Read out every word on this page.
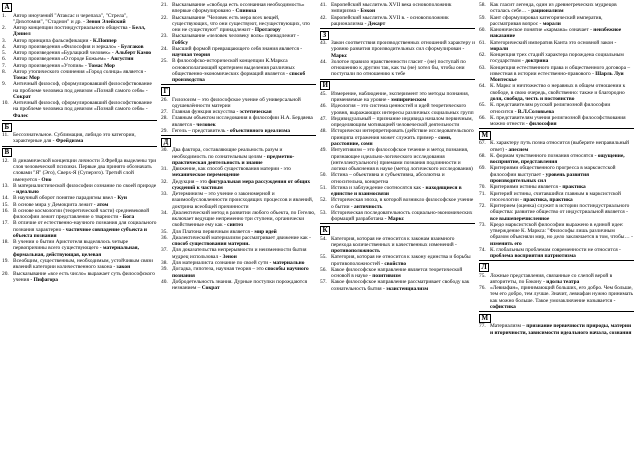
А
1.	Автор иноучений "Атаксас и черепаха", "Стрела", "Дихотомия", "Стадион" и др. - Зенон Элейский
2.	Автор концепции постиндустриального общества - Белл, Дэниел
3.	Автор принципа фальсификации - К.Поппер
4.	Автор произведения «Философия и зеркало» - Булгаков
5.	Автор произведения «Бурлацкий человек» - Альберт Камю
6.	Автор произведения «О городе Божьем» - Августин
7.	Автор произведения «Утопия» - Томас Мор
8.	Автор утопического сочинения «Город солнца» является - Томас Мор
9.	Античный философ, сформулировавший философствование на проблеме человека под девизом «Познай самого себя» - Сократ
10. Античный философ, сформулировавший философствование на проблеме человека под девизом «Познай самого себя» - Фалес
Б
11. Бессознательное. Сублимация, либидо это категории, характерные для - Фрейдизма
В
12. В динамической концепции личности З.Фрейда выделены три слоя человеческой психики. Первые два принято обозначать словами "Я" (Эго), Сверх-Я (Суперэго). Третий слой именуется - Оно
13. В материалистической философии сознание по своей природе - идеально
14. В научный оборот понятие парадигмы ввел - Кун
15. В основе мира у Демокрита лежит - атом
16. В основе космологии (теоретической части) средневековой философии лежит представление о тварности - Бога
17. В отличие от естественно-научного познания для социального познания характерно - частичное совпадение субъекта и объекта познания
18. В учении о бытии Аристотеля выделялось четыре первопричины всего существующего - материальная, формальная, действующая, целевая
19. Всеобщим, существенным, необходимым, устойчивым связи явлений категории количественного закона - закон
20. Высказывание «все есть число» выражает суть философского учения - Пифагора
21. Высказывание «свобода есть осознанная необходимость» впервые сформулировано - Спиноза
22. Высказывание "Человек есть мера всех вещей, существующих, что они существуют, несуществующих, что они не существуют" принадлежит - Протагору
23. Высказывание «человек человеку волк» принадлежит - Гоббсу
24. Высший формой превращающего себя знания является - научная теория
25. В философско-исторической концепции К.Маркса основополагающий критерием выделения различных общественно-экономических формаций является - способ производства
Г
26. Гилозоизм – это философское учение об универсальной одушевлённости материи
27. Главная функция искусства - эстетическая
28. Главным объектом исследования в философии Н.А. Бердяева является - человек
29. Гегель – представитель - объективного идеализма
Д
30. Два фактора, составляющие реальность разум и необходимость по сознательным целям - предметно-практическая деятельность и знание
31. Движение, как способ существования материи - это механическое перемещение
32. Дедукция – это фигуральная мера рассуждения от общих суждений к частным
33. Детерминизм – это учение о закономерной и взаимообусловленности происходящих процессов и явлений, доктрина всеобщей причинности
34. Диалектический метод в развитии любого объекта, по Гегелю, включает ведущие непременно три ступени, органически свойственные ему как - синтез
35. Для Платона первичным является - мир идей
36. Диалектический материализм рассматривает движение как - способ существования материи.
37. Для доказательства непрерывности и неизменности бытия мудрец использовал - Зенон
38. Для материалиста сознание по своей сути - материально
39. Догадка, гипотеза, научная теория – это способы научного познания
40. Добродетельность знания. Дурные поступки порождаются незнанием – Сократ
41. Европейский мыслитель XVII века основоположник эмпиризма - Бэкон
42. Европейский мыслитель XVII в. - основоположник рационализма - Декарт
З
43. Закон соответствия производственных отношений характеру и уровню развития производительных сил сформулирован - Маркс
44. Золотое правило нравственности гласит - (не) поступай по отношению к другим так, как ты (не) хотел бы, чтобы они поступали по отношению к тебе
И
45. Измерение, наблюдение, эксперимент это методы познания, применяемые на уровне - эмпирическом
46. Идеология – это система ценностей и идей теоретического уровня, выражающих интересы различных социальных групп
47. Индивидуальный – признание индивида началом первичным, определяющим мотивацией человеческой деятельности
48. Исторически интерпретировать (действие исследовательского принципа отражения может служить пример - сомн, расстояние, сомн
49. Интуитивизм – это философское течение и метод познания, признающее идеально-логического исследования (интеллектуального) приемами познания подлинности и логики объяснения в науке (метод логического исследования)
50. Истина – объективна и субъективна, абсолютна и относительна, конкретна
51. Истина и заблуждение соотносятся как - находящиеся в единстве и взаимосвязи
52. Историческая эпоха, в которой возникло философское учение о бытии - античность
53. Историческая последовательность социально-экономических формаций разработана - Маркс
К
54. Категория, которая не относится к законам взаимного перехода количественных и качественных изменений - противоположность
55. Категория, которая не относится к закону единства и борьбы противоположностей - свойство
56. Какое философское направление является теоретической основой в науке - позитивизм
57. Какое философское направление рассматривает свободу как сознательность бытия - экзистенциализм
58. Как гласит легенда, один из древнегреческих мудрецов осталась себе… - рационализм
59. Кант сформулировал категорический императив, рассматривая вопрос - морали
60. Каноническое понятие «кармана» означает - неизбежное наказание
61. Категорический императив Канта это основной закон - морали
62. Концепция трех стадий характера порождена социальным государством - доктрина
63. Концепция естественного права и общественного договора – известная в истории естественно-правового - Шарль Луи Монтескье
64. К. Маркс и ничтожество о неравных в общем отношении к свободе, в свою очередь, свойственно: также и благородно доля, свобода, честь и постоянство
65. К. представителям русской религиозной философии относится - В.Л.Соловьева
66. К. представителям учения религиозной философствования можно отнести - философия
М
67. К. характеру путь позна относится (выберите неправильный ответ) - апеснем
68. К. формам чувственного познания относятся - ощущение, восприятие, представления
69. Критериями общественного прогресса в марксистской философии выступает - уровень развития производительных сил
70. Критериями истины является - практика
71. Критерий истины, считавшийся главным в марксистской гносеологии - практика, практика
72. Критерием (оценка) служит в истории постиндустриального общества: развитие общество от индустриальной является - все вышеперечисленное
73. Кредо марксистской философии выражено в единой идее: утверждение К. Маркса: "Философы лишь различным образом объясняли мир, но дело заключается в том, чтобы… - изменить его
74. К. глобальным проблемам современности не относится - проблема восприятия патриотизма
Л
75. Ложные представления, связанные со слепой верой в авторитеты, по Бэкону - идолы театра
76. «Левиафан», принимающий больших, его добро. Чем больше, тем его добро, тем лучше. Значит, левиафан нужно принимать как можно больше. Такое умозаключение называется - софистика
М
77. Материализм – признание первичности природы, материи и вторичности, зависимости идеального начала, сознания
